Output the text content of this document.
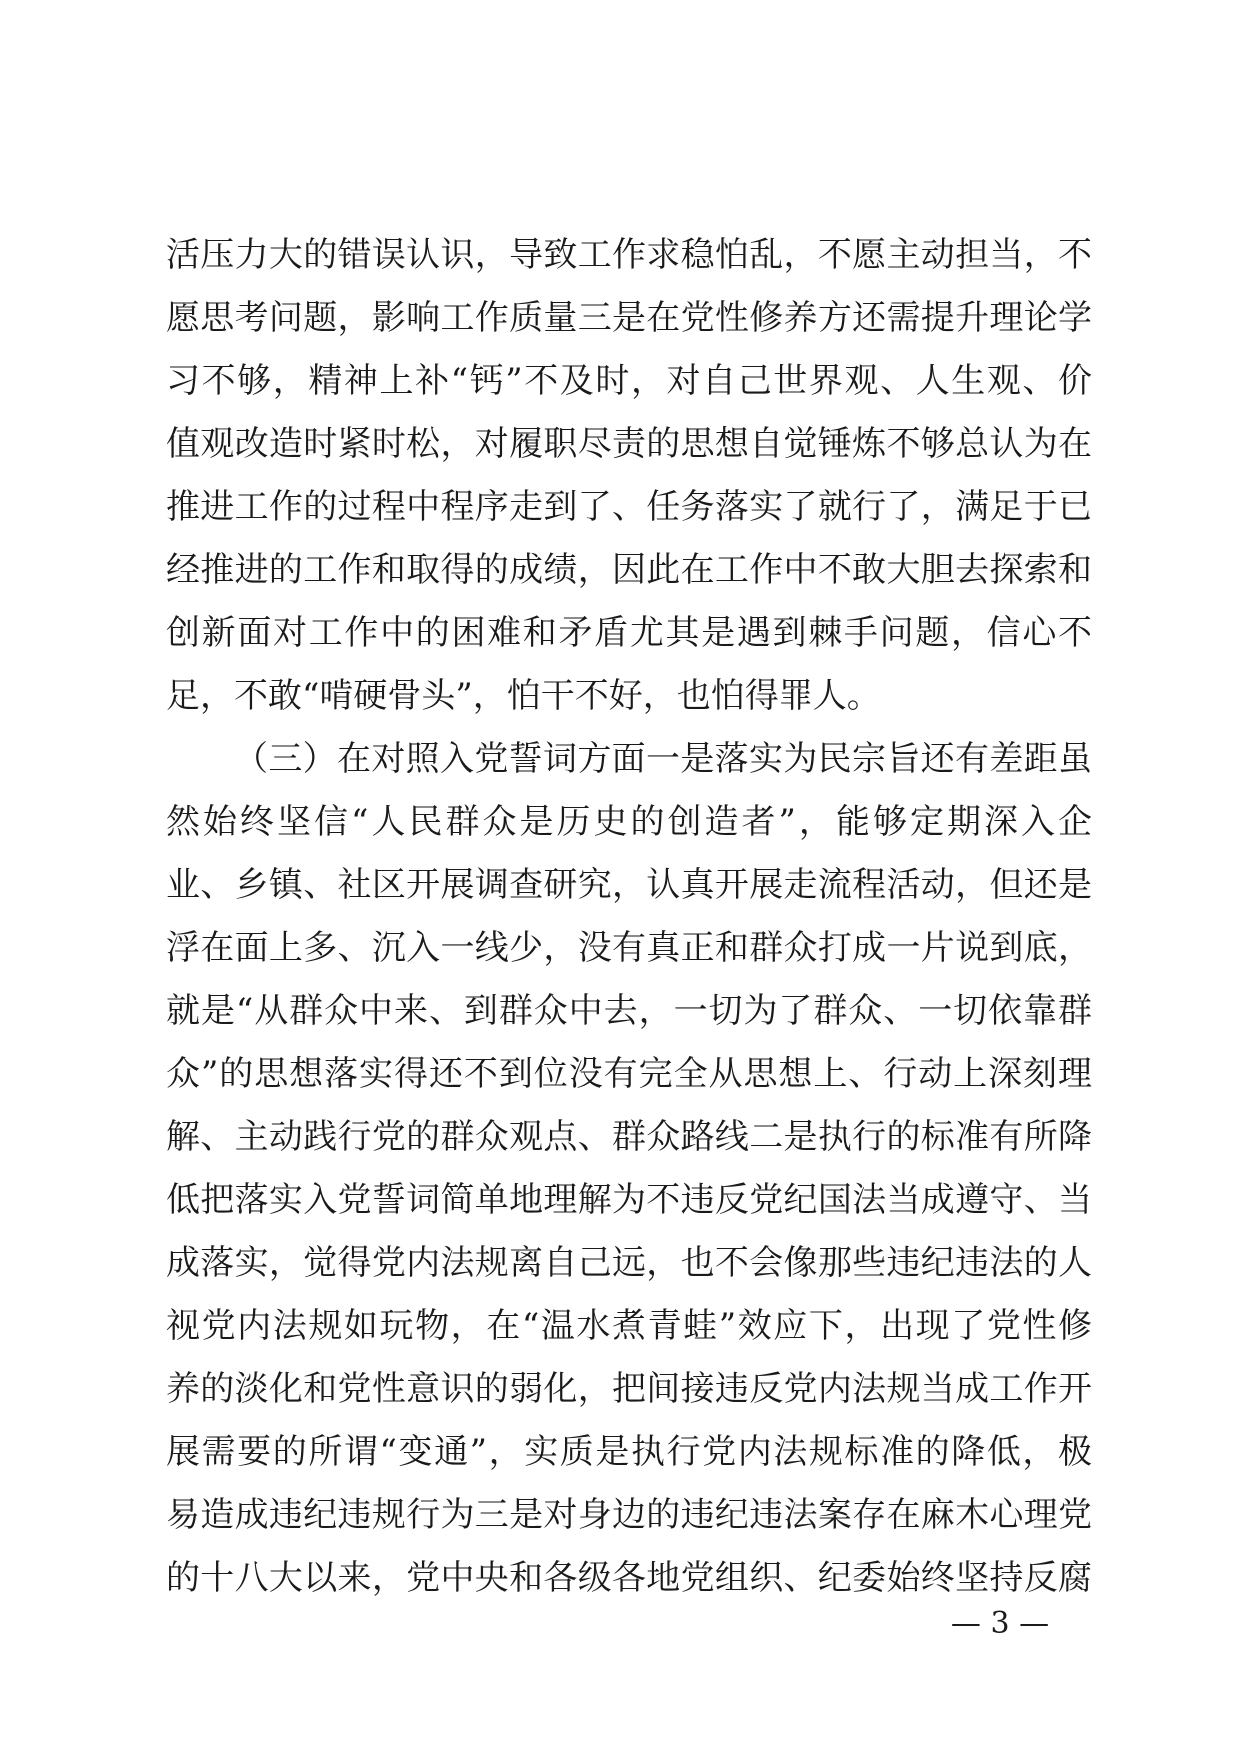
活压力大的错误认识，导致工作求稳怕乱，不愿主动担当，不
愿思考问题，影响工作质量三是在党性修养方还需提升理论学
习不够，精神上补“钙”不及时，对自己世界观、人生观、价
值观改造时紧时松，对履职尽责的思想自觉锤炼不够总认为在
推进工作的过程中程序走到了、任务落实了就行了，满足于已
经推进的工作和取得的成绩，因此在工作中不敢大胆去探索和
创新面对工作中的困难和矛盾尤其是遇到棘手问题，信心不
足，不敢“啃硬骨头”，怕干不好，也怕得罪人。
（三）在对照入党誓词方面一是落实为民宗旨还有差距虽
然始终坚信“人民群众是历史的创造者”，能够定期深入企
业、乡镇、社区开展调查研究，认真开展走流程活动，但还是
浮在面上多、沉入一线少，没有真正和群众打成一片说到底，
就是“从群众中来、到群众中去，一切为了群众、一切依靠群
众”的思想落实得还不到位没有完全从思想上、行动上深刻理
解、主动践行党的群众观点、群众路线二是执行的标准有所降
低把落实入党誓词简单地理解为不违反党纪国法当成遵守、当
成落实，觉得党内法规离自己远，也不会像那些违纪违法的人
视党内法规如玩物，在“温水煮青蛙”效应下，出现了党性修
养的淡化和党性意识的弱化，把间接违反党内法规当成工作开
展需要的所谓“变通”，实质是执行党内法规标准的降低，极
易造成违纪违规行为三是对身边的违纪违法案存在麻木心理党
的十八大以来，党中央和各级各地党组织、纪委始终坚持反腐
— 3 —
